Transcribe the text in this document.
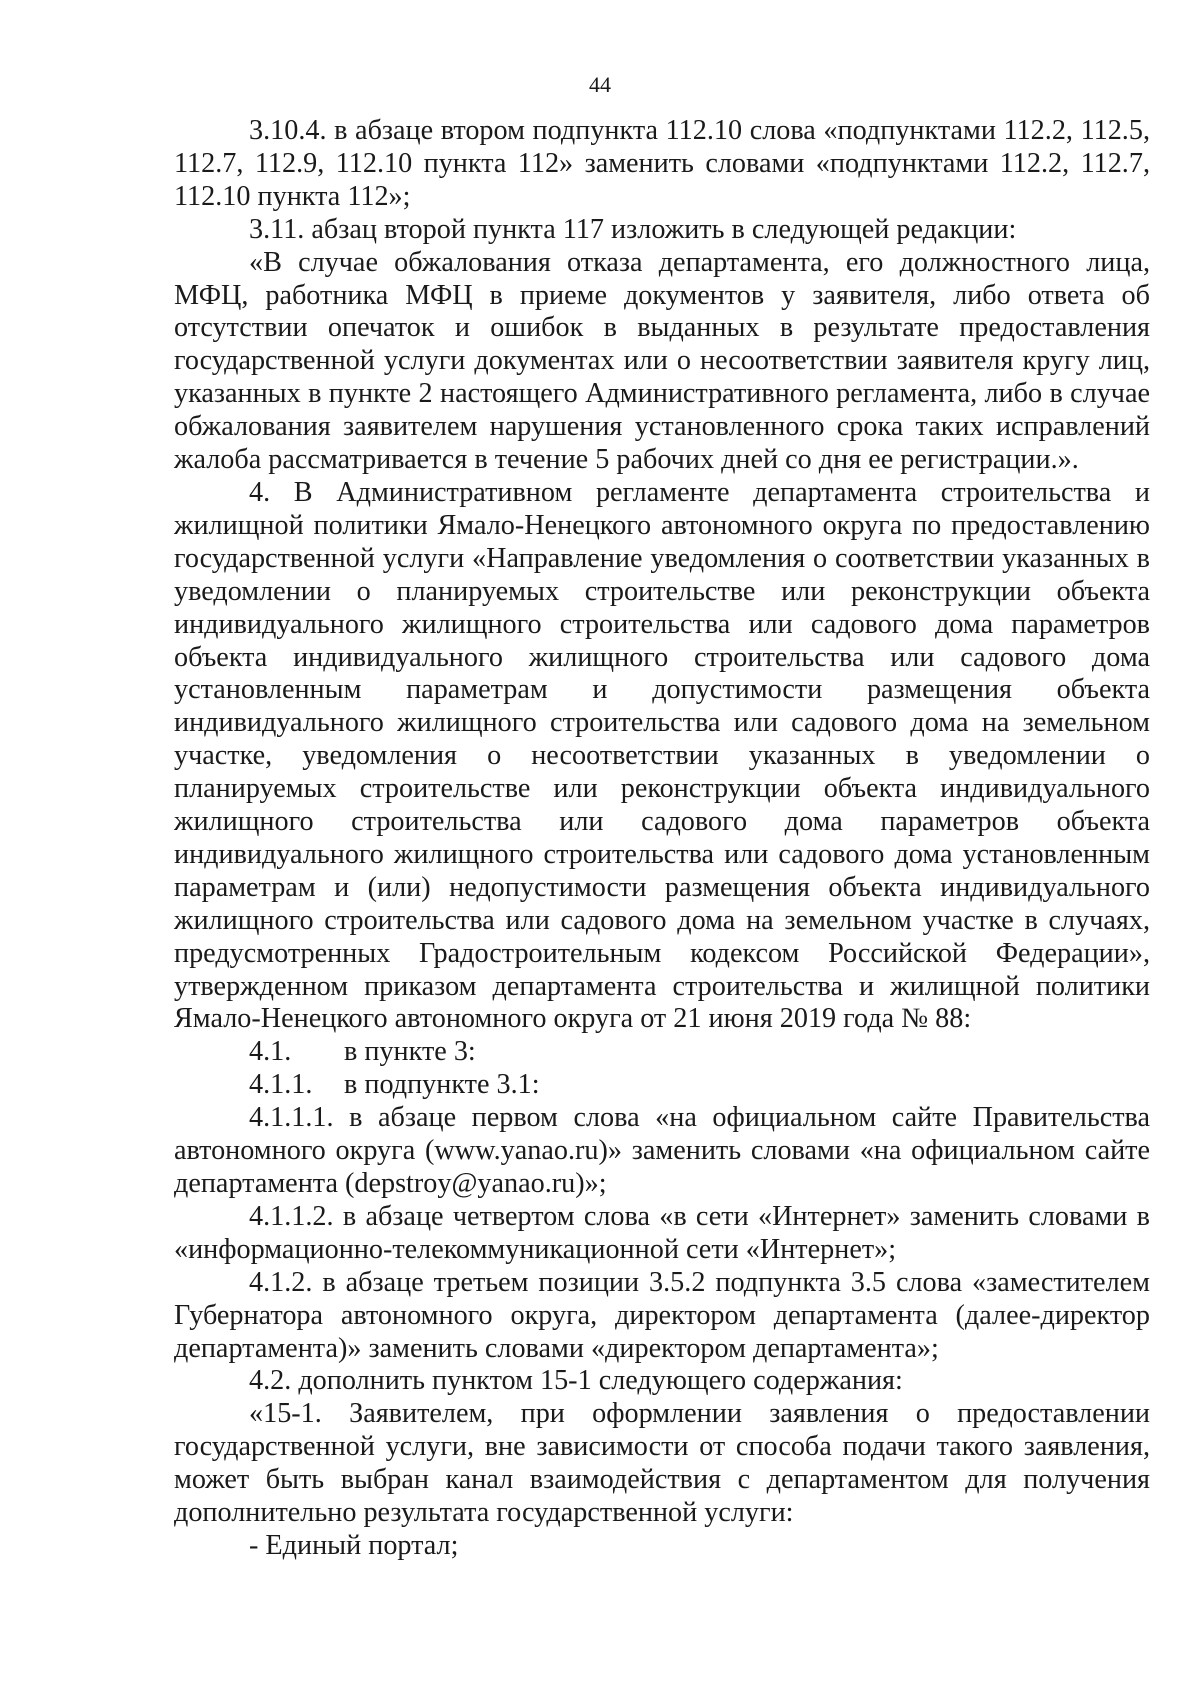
44

3.10.4. в абзаце втором подпункта 112.10 слова «подпунктами 112.2, 112.5, 112.7, 112.9, 112.10 пункта 112» заменить словами «подпунктами 112.2, 112.7, 112.10 пункта 112»;

3.11. абзац второй пункта 117 изложить в следующей редакции:

«В случае обжалования отказа департамента, его должностного лица, МФЦ, работника МФЦ в приеме документов у заявителя, либо ответа об отсутствии опечаток и ошибок в выданных в результате предоставления государственной услуги документах или о несоответствии заявителя кругу лиц, указанных в пункте 2 настоящего Административного регламента, либо в случае обжалования заявителем нарушения установленного срока таких исправлений жалоба рассматривается в течение 5 рабочих дней со дня ее регистрации.».

4. В Административном регламенте департамента строительства и жилищной политики Ямало-Ненецкого автономного округа по предоставлению государственной услуги «Направление уведомления о соответствии указанных в уведомлении о планируемых строительстве или реконструкции объекта индивидуального жилищного строительства или садового дома параметров объекта индивидуального жилищного строительства или садового дома установленным параметрам и допустимости размещения объекта индивидуального жилищного строительства или садового дома на земельном участке, уведомления о несоответствии указанных в уведомлении о планируемых строительстве или реконструкции объекта индивидуального жилищного строительства или садового дома параметров объекта индивидуального жилищного строительства или садового дома установленным параметрам и (или) недопустимости размещения объекта индивидуального жилищного строительства или садового дома на земельном участке в случаях, предусмотренных Градостроительным кодексом Российской Федерации», утвержденном приказом департамента строительства и жилищной политики Ямало-Ненецкого автономного округа от 21 июня 2019 года № 88:

4.1. в пункте 3:

4.1.1. в подпункте 3.1:

4.1.1.1. в абзаце первом слова «на официальном сайте Правительства автономного округа (www.yanao.ru)» заменить словами «на официальном сайте департамента (depstroy@yanao.ru)»;

4.1.1.2. в абзаце четвертом слова «в сети «Интернет» заменить словами в «информационно-телекоммуникационной сети «Интернет»;

4.1.2. в абзаце третьем позиции 3.5.2 подпункта 3.5 слова «заместителем Губернатора автономного округа, директором департамента (далее-директор департамента)» заменить словами «директором департамента»;

4.2. дополнить пунктом 15-1 следующего содержания:

«15-1. Заявителем, при оформлении заявления о предоставлении государственной услуги, вне зависимости от способа подачи такого заявления, может быть выбран канал взаимодействия с департаментом для получения дополнительно результата государственной услуги:

- Единый портал;
